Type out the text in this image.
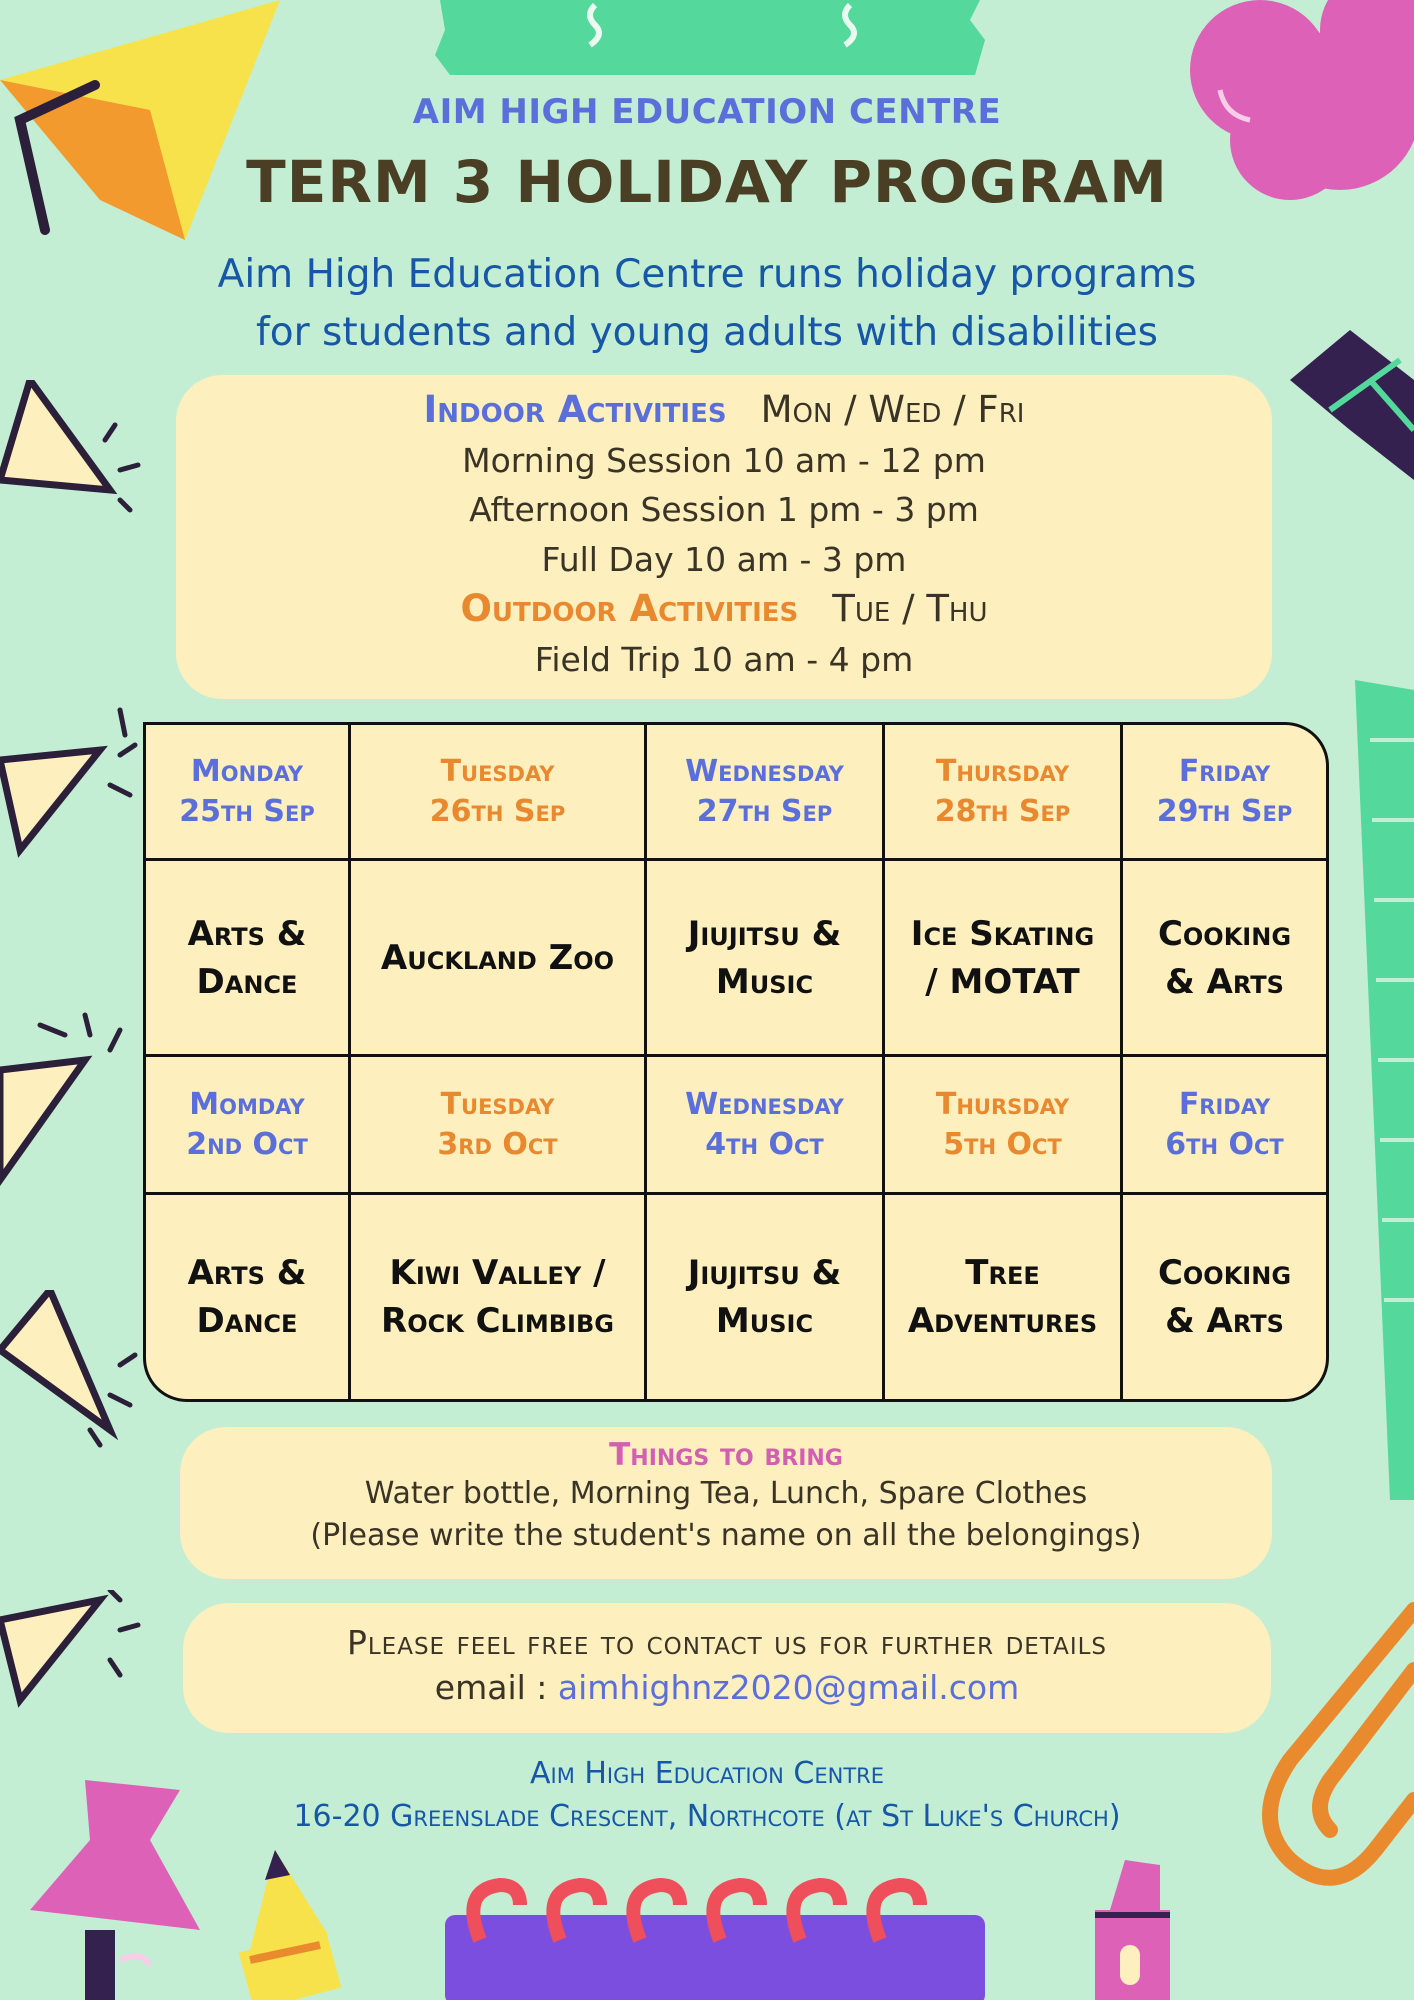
AIM HIGH EDUCATION CENTRE
TERM 3 HOLIDAY PROGRAM
Aim High Education Centre runs holiday programs
for students and young adults with disabilities
Indoor Activities Mon / Wed / Fri
Morning Session 10 am - 12 pm
Afternoon Session 1 pm - 3 pm
Full Day 10 am - 3 pm
Outdoor Activities Tue / Thu
Field Trip 10 am - 4 pm
Monday
25th Sep
Tuesday
26th Sep
Wednesday
27th Sep
Thursday
28th Sep
Friday
29th Sep
Arts &
Dance
Auckland Zoo
Jiujitsu &
Music
Ice Skating
/ MOTAT
Cooking
& Arts
Momday
2nd Oct
Tuesday
3rd Oct
Wednesday
4th Oct
Thursday
5th Oct
Friday
6th Oct
Arts &
Dance
Kiwi Valley /
Rock Climbibg
Jiujitsu &
Music
Tree
Adventures
Cooking
& Arts
Things to bring
Water bottle, Morning Tea, Lunch, Spare Clothes
(Please write the student's name on all the belongings)
Please feel free to contact us for further details
email : aimhighnz2020@gmail.com
Aim High Education Centre
16-20 Greenslade Crescent, Northcote (at St Luke's Church)
